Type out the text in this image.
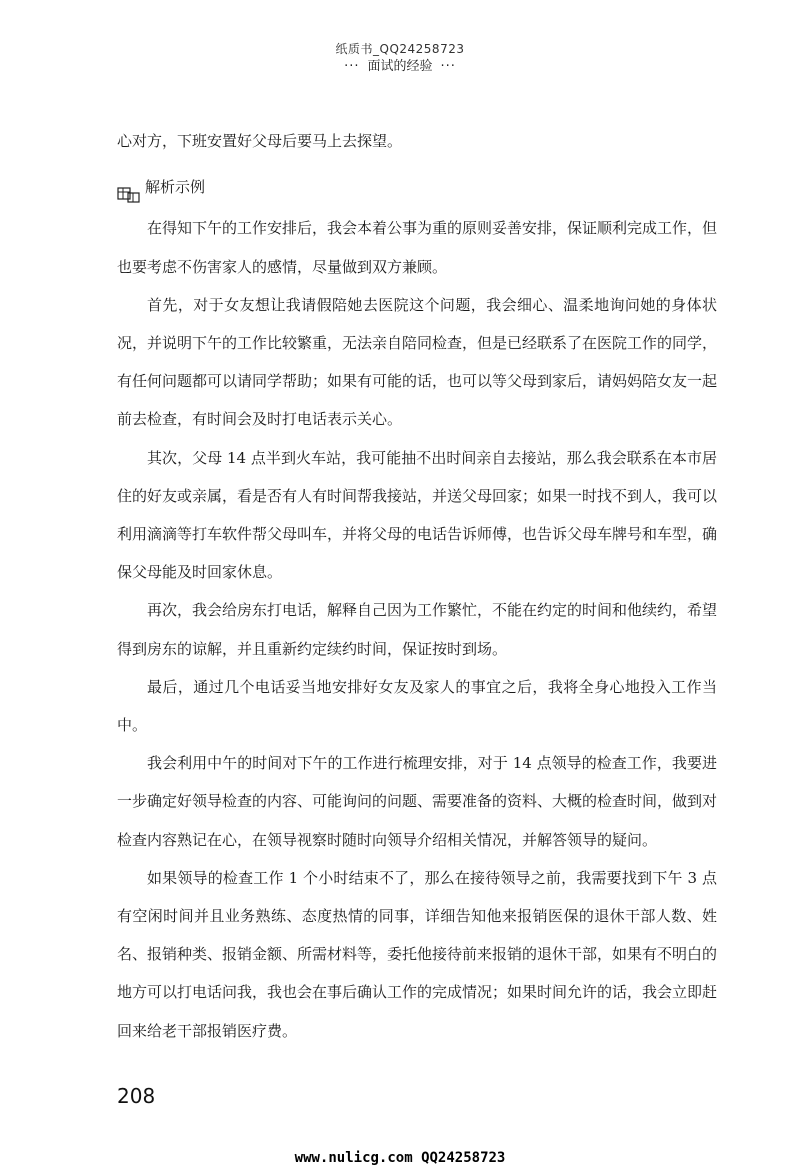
纸质书_QQ24258723
··· 面试的经验 ···

心对方，下班安置好父母后要马上去探望。

解析示例

在得知下午的工作安排后，我会本着公事为重的原则妥善安排，保证顺利完成工作，但也要考虑不伤害家人的感情，尽量做到双方兼顾。

首先，对于女友想让我请假陪她去医院这个问题，我会细心、温柔地询问她的身体状况，并说明下午的工作比较繁重，无法亲自陪同检查，但是已经联系了在医院工作的同学，有任何问题都可以请同学帮助；如果有可能的话，也可以等父母到家后，请妈妈陪女友一起前去检查，有时间会及时打电话表示关心。

其次，父母 14 点半到火车站，我可能抽不出时间亲自去接站，那么我会联系在本市居住的好友或亲属，看是否有人有时间帮我接站，并送父母回家；如果一时找不到人，我可以利用滴滴等打车软件帮父母叫车，并将父母的电话告诉师傅，也告诉父母车牌号和车型，确保父母能及时回家休息。

再次，我会给房东打电话，解释自己因为工作繁忙，不能在约定的时间和他续约，希望得到房东的谅解，并且重新约定续约时间，保证按时到场。

最后，通过几个电话妥当地安排好女友及家人的事宜之后，我将全身心地投入工作当中。

我会利用中午的时间对下午的工作进行梳理安排，对于 14 点领导的检查工作，我要进一步确定好领导检查的内容、可能询问的问题、需要准备的资料、大概的检查时间，做到对检查内容熟记在心，在领导视察时随时向领导介绍相关情况，并解答领导的疑问。

如果领导的检查工作 1 个小时结束不了，那么在接待领导之前，我需要找到下午 3 点有空闲时间并且业务熟练、态度热情的同事，详细告知他来报销医保的退休干部人数、姓名、报销种类、报销金额、所需材料等，委托他接待前来报销的退休干部，如果有不明白的地方可以打电话问我，我也会在事后确认工作的完成情况；如果时间允许的话，我会立即赶回来给老干部报销医疗费。

208
www.nulicg.com QQ24258723
